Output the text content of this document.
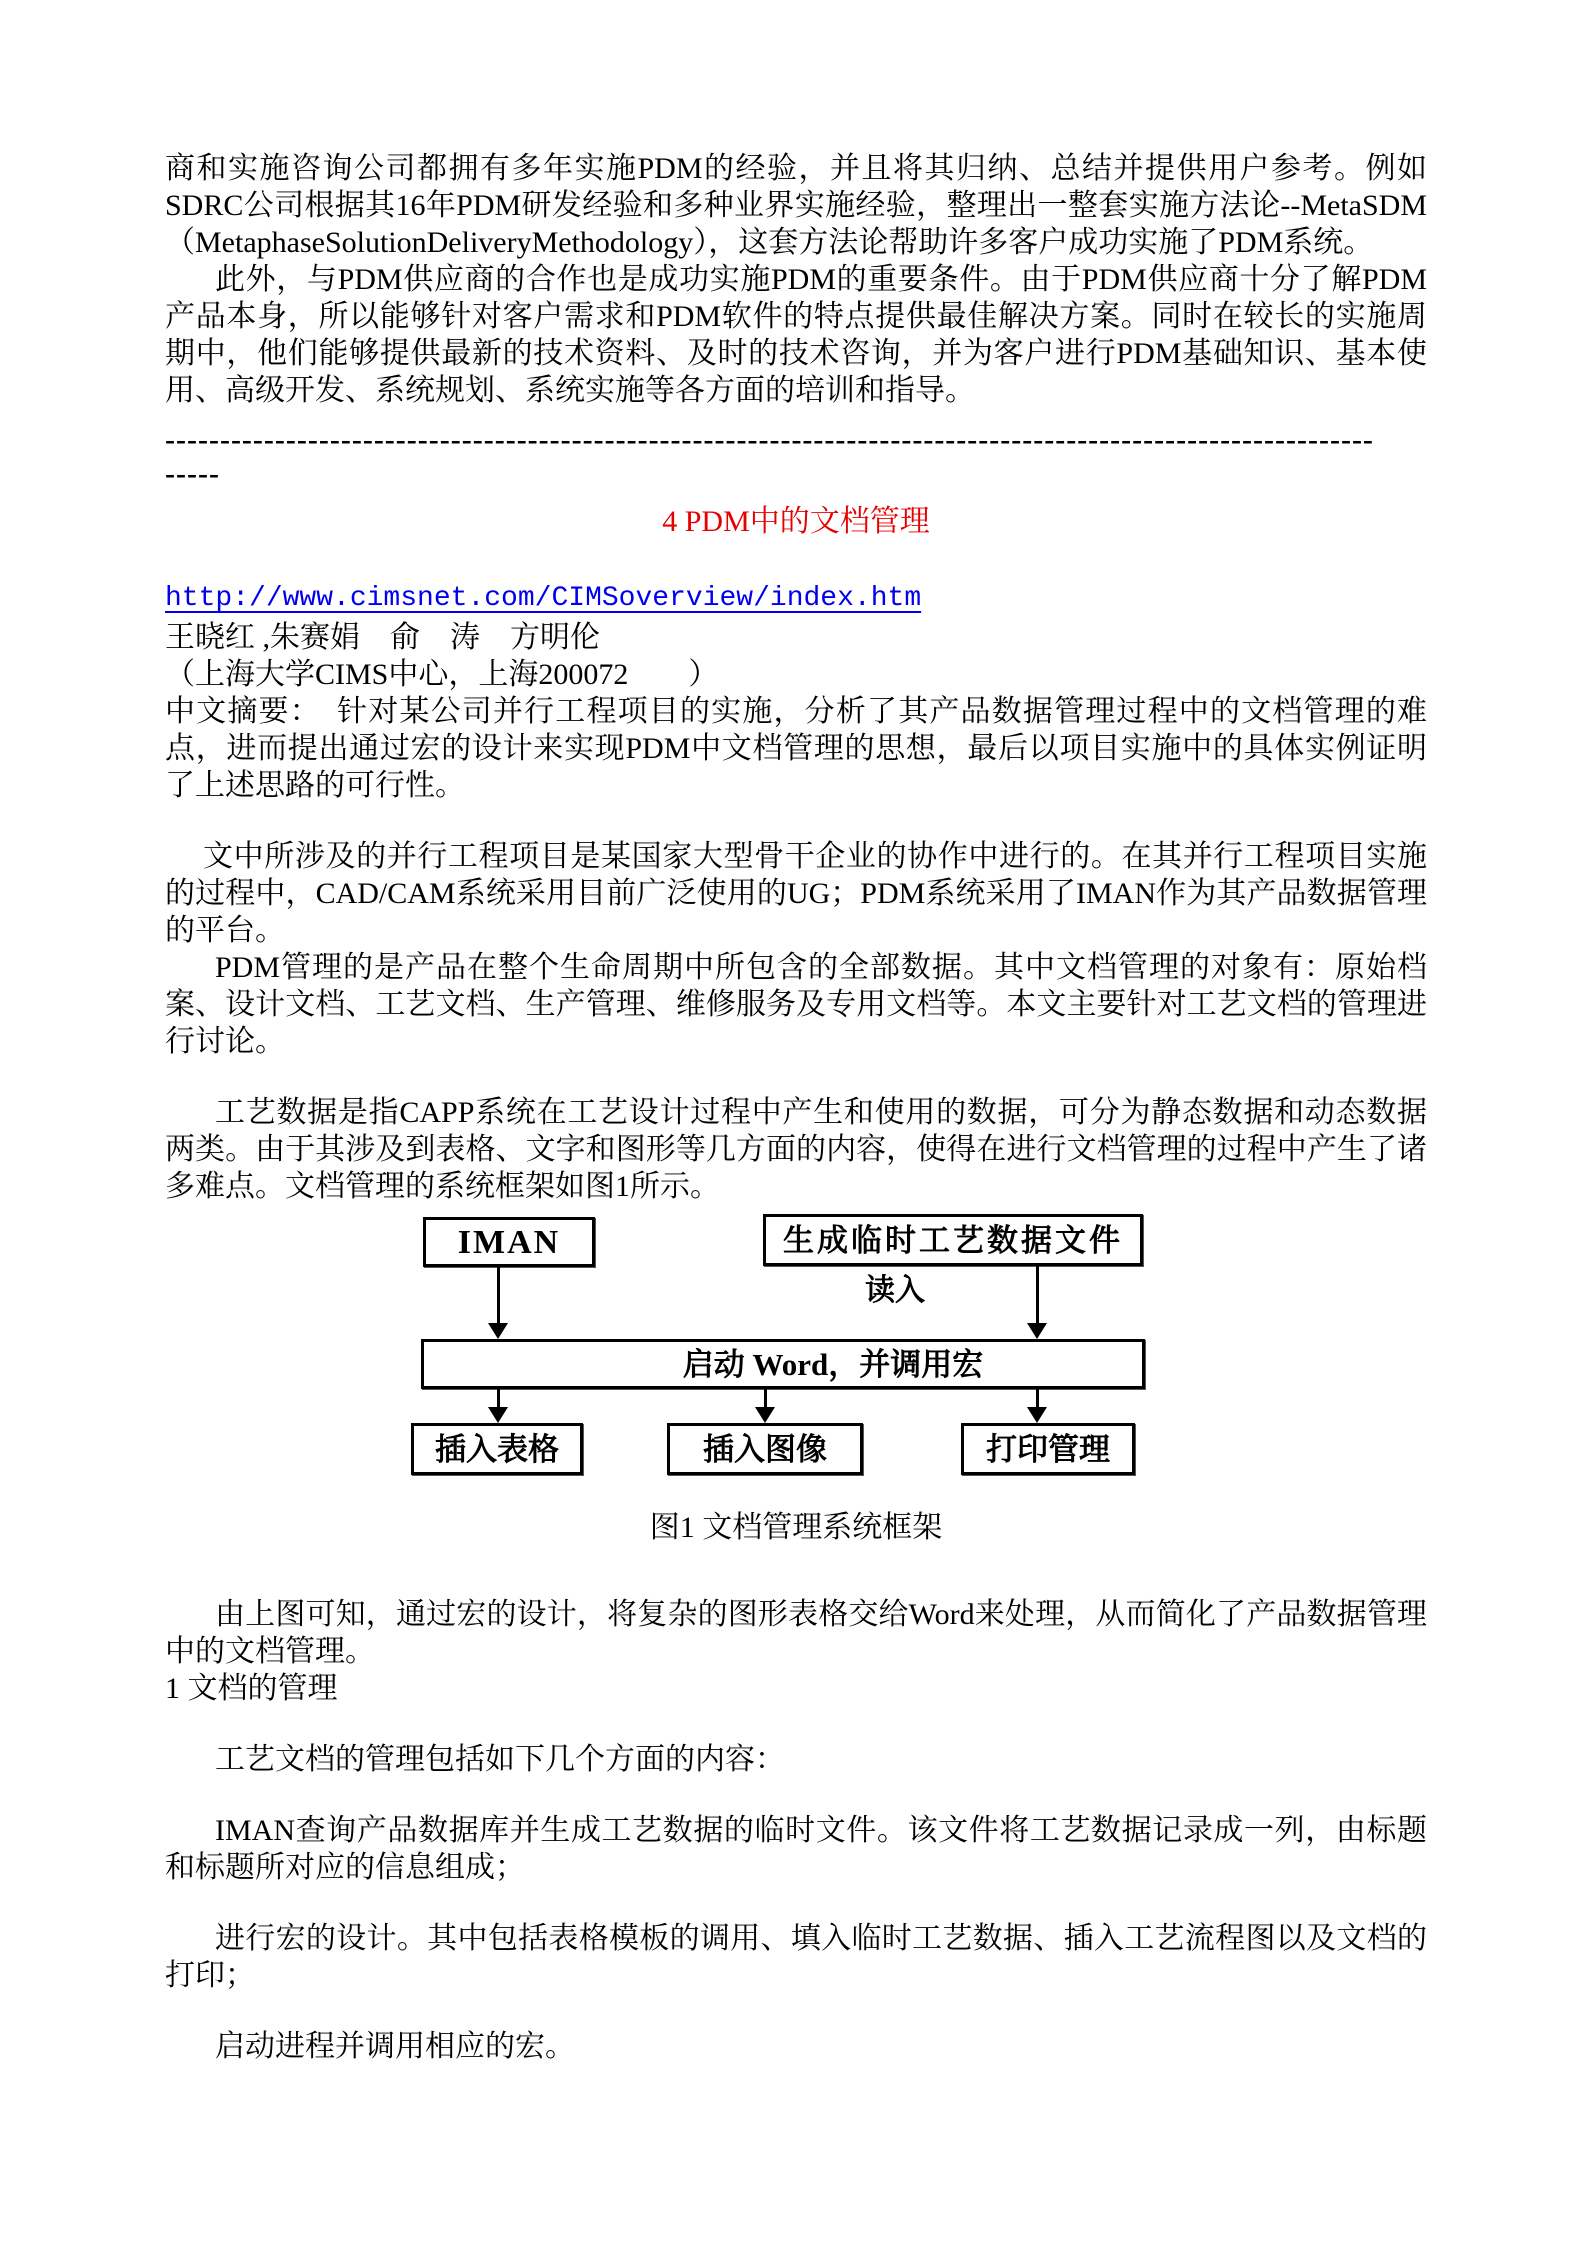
商和实施咨询公司都拥有多年实施PDM的经验，并且将其归纳、总结并提供用户参考。例如SDRC公司根据其16年PDM研发经验和多种业界实施经验，整理出一整套实施方法论--MetaSDM（MetaphaseSolutionDeliveryMethodology），这套方法论帮助许多客户成功实施了PDM系统。

此外，与PDM供应商的合作也是成功实施PDM的重要条件。由于PDM供应商十分了解PDM产品本身，所以能够针对客户需求和PDM软件的特点提供最佳解决方案。同时在较长的实施周期中，他们能够提供最新的技术资料、及时的技术咨询，并为客户进行PDM基础知识、基本使用、高级开发、系统规划、系统实施等各方面的培训和指导。

--------------------------------------------------------------------------------------------------------------
-----
4 PDM中的文档管理
http://www.cimsnet.com/CIMSoverview/index.htm
王晓红 ,朱赛娟　俞　涛　方明伦
（上海大学CIMS中心，上海200072　　）

中文摘要：　针对某公司并行工程项目的实施，分析了其产品数据管理过程中的文档管理的难点，进而提出通过宏的设计来实现PDM中文档管理的思想，最后以项目实施中的具体实例证明了上述思路的可行性。

文中所涉及的并行工程项目是某国家大型骨干企业的协作中进行的。在其并行工程项目实施的过程中，CAD/CAM系统采用目前广泛使用的UG；PDM系统采用了IMAN作为其产品数据管理的平台。

PDM管理的是产品在整个生命周期中所包含的全部数据。其中文档管理的对象有：原始档案、设计文档、工艺文档、生产管理、维修服务及专用文档等。本文主要针对工艺文档的管理进行讨论。

工艺数据是指CAPP系统在工艺设计过程中产生和使用的数据，可分为静态数据和动态数据两类。由于其涉及到表格、文字和图形等几方面的内容，使得在进行文档管理的过程中产生了诸多难点。文档管理的系统框架如图1所示。

IMAN	生成临时工艺数据文件
读入
启动 Word，并调用宏
插入表格	插入图像	打印管理
图1 文档管理系统框架

由上图可知，通过宏的设计，将复杂的图形表格交给Word来处理，从而简化了产品数据管理中的文档管理。

1 文档的管理

工艺文档的管理包括如下几个方面的内容：

IMAN查询产品数据库并生成工艺数据的临时文件。该文件将工艺数据记录成一列，由标题和标题所对应的信息组成；

进行宏的设计。其中包括表格模板的调用、填入临时工艺数据、插入工艺流程图以及文档的打印；

启动进程并调用相应的宏。
